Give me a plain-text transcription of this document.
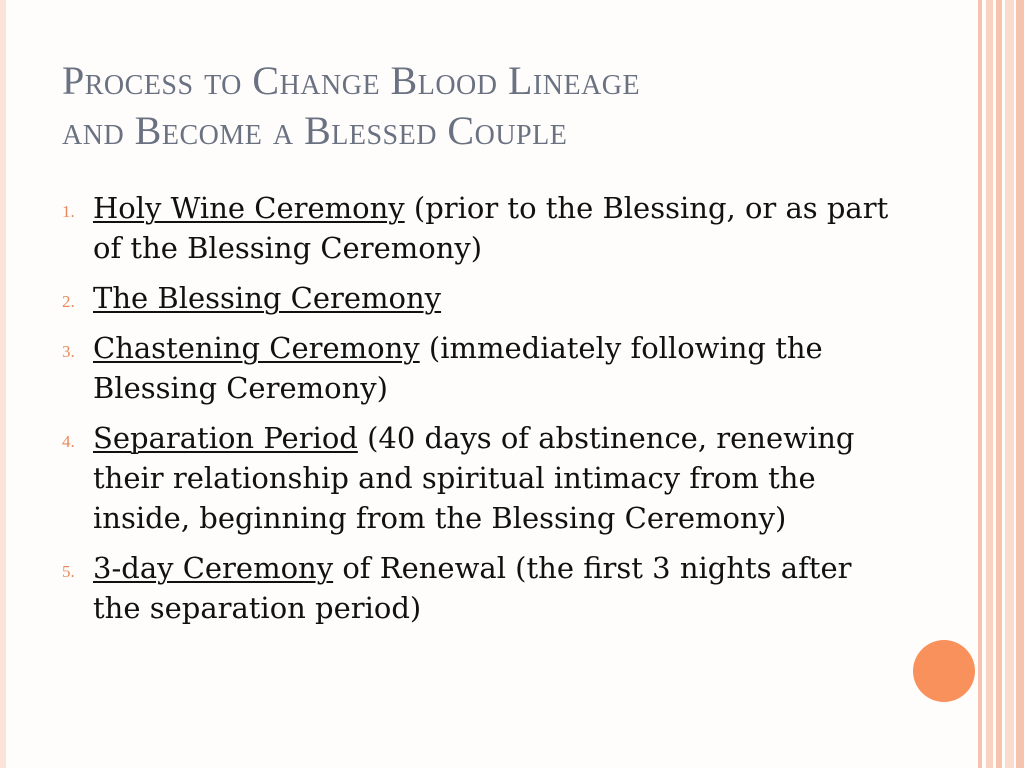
Process to Change Blood Lineage
and Become a Blessed Couple
1. Holy Wine Ceremony (prior to the Blessing, or as part of the Blessing Ceremony)
2. The Blessing Ceremony
3. Chastening Ceremony (immediately following the Blessing Ceremony)
4. Separation Period (40 days of abstinence, renewing their relationship and spiritual intimacy from the inside, beginning from the Blessing Ceremony)
5. 3-day Ceremony of Renewal (the first 3 nights after the separation period)
